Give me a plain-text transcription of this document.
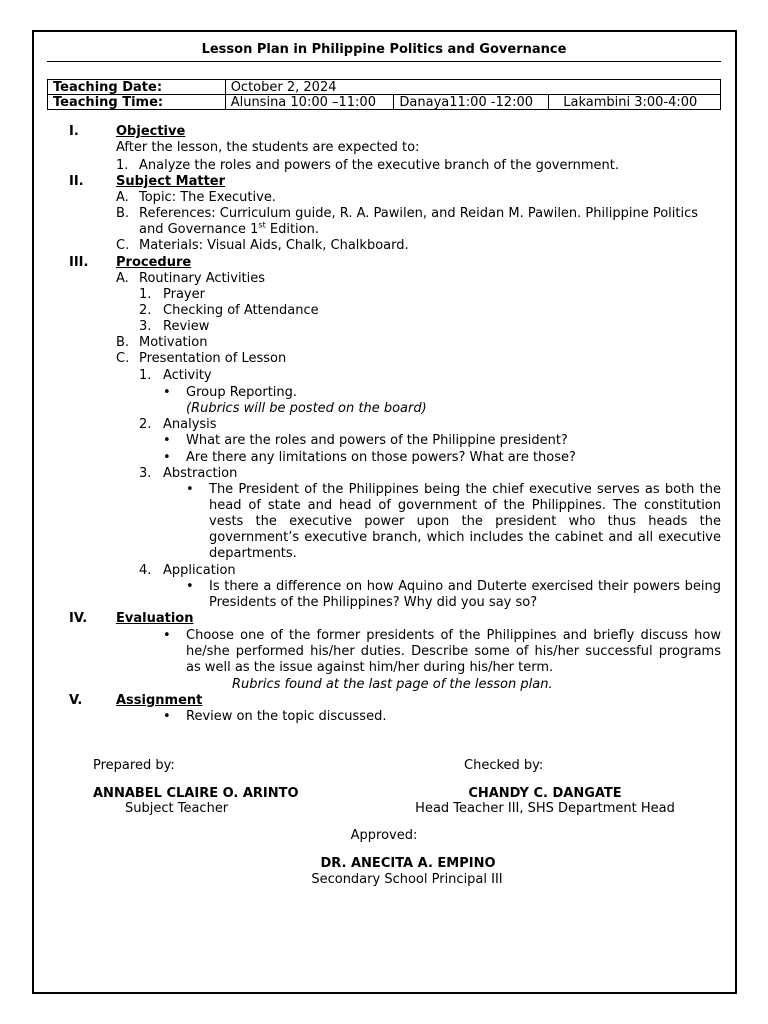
Lesson Plan in Philippine Politics and Governance
Teaching Date:	October 2, 2024		
Teaching Time:	Alunsina 10:00 –11:00	Danaya11:00 -12:00	Lakambini 3:00-4:00
I.	Objective
After the lesson, the students are expected to:
1. Analyze the roles and powers of the executive branch of the government.
II. Subject Matter
A. Topic: The Executive.
B. References: Curriculum guide, R. A. Pawilen, and Reidan M. Pawilen. Philippine Politics
and Governance 1st Edition.
C. Materials: Visual Aids, Chalk, Chalkboard.
III. Procedure
A. Routinary Activities
1. Prayer
2. Checking of Attendance
3. Review
B. Motivation
C. Presentation of Lesson
1. Activity
• Group Reporting.
(Rubrics will be posted on the board)
2. Analysis
• What are the roles and powers of the Philippine president?
• Are there any limitations on those powers? What are those?
3. Abstraction
• The President of the Philippines being the chief executive serves as both the head of state and head of government of the Philippines. The constitution vests the executive power upon the president who thus heads the government’s executive branch, which includes the cabinet and all executive departments.
4. Application
• Is there a difference on how Aquino and Duterte exercised their powers being Presidents of the Philippines? Why did you say so?
IV. Evaluation
• Choose one of the former presidents of the Philippines and briefly discuss how he/she performed his/her duties. Describe some of his/her successful programs as well as the issue against him/her during his/her term.
Rubrics found at the last page of the lesson plan.
V.	Assignment
• Review on the topic discussed.
Prepared by:	Checked by:
ANNABEL CLAIRE O. ARINTO
Subject Teacher
CHANDY C. DANGATE
Head Teacher III, SHS Department Head
Approved:
DR. ANECITA A. EMPINO
Secondary School Principal III
